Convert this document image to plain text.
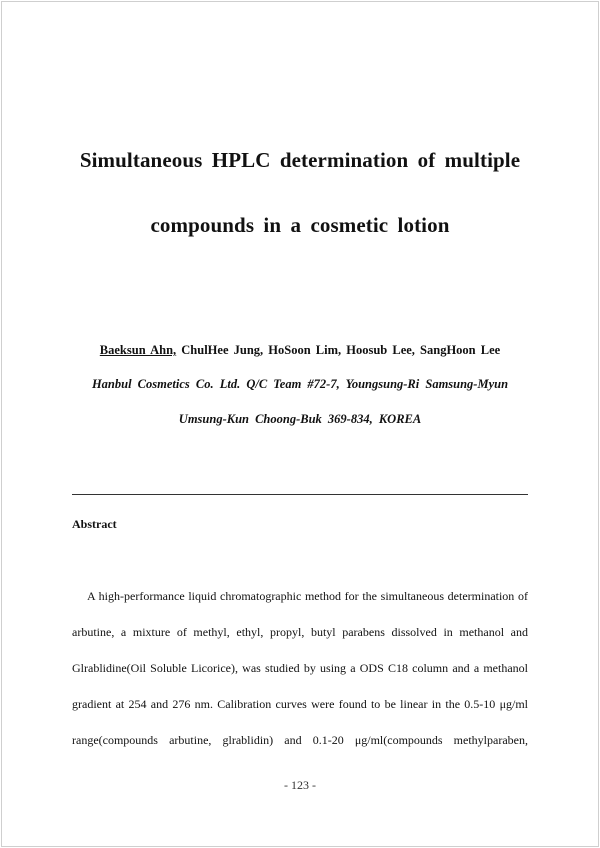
Simultaneous HPLC determination of multiple
compounds in a cosmetic lotion
Baeksun Ahn, ChulHee Jung, HoSoon Lim, Hoosub Lee, SangHoon Lee
Hanbul Cosmetics Co. Ltd. Q/C Team #72-7, Youngsung-Ri Samsung-Myun
Umsung-Kun Choong-Buk 369-834, KOREA
Abstract
A high-performance liquid chromatographic method for the simultaneous determination of
arbutine, a mixture of methyl, ethyl, propyl, butyl parabens dissolved in methanol and
Glrablidine(Oil Soluble Licorice), was studied by using a ODS C18 column and a methanol
gradient at 254 and 276 nm. Calibration curves were found to be linear in the 0.5-10 μg/ml
range(compounds arbutine, glrablidin) and 0.1-20 μg/ml(compounds methylparaben,
- 123 -
